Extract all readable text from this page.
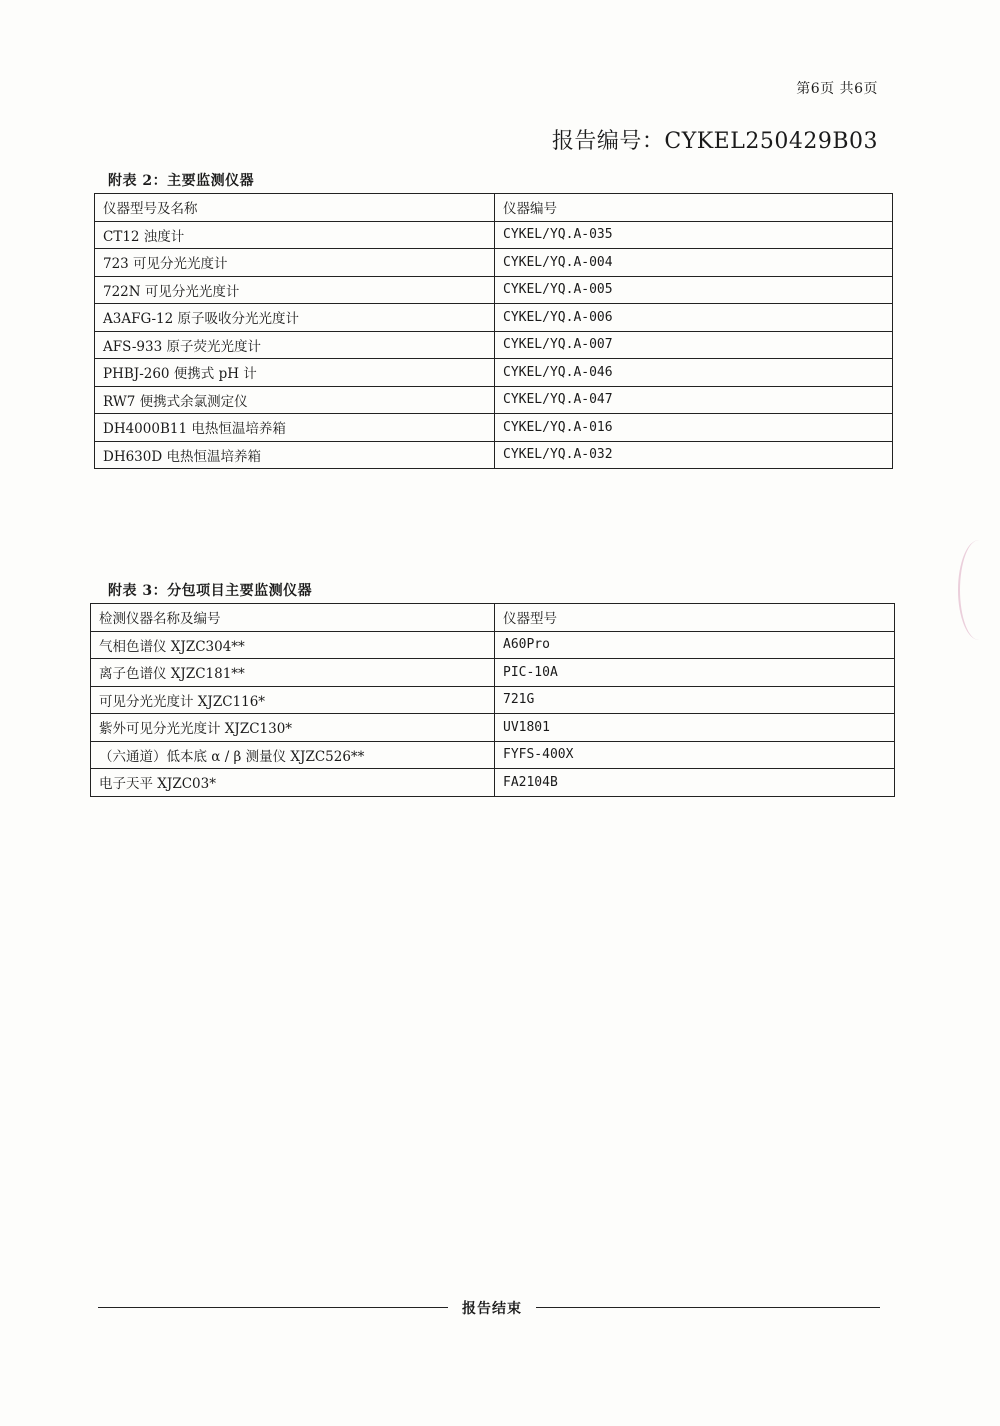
第6页 共6页
报告编号：CYKEL250429B03
附表 2：主要监测仪器
仪器型号及名称	仪器编号
CT12 浊度计	CYKEL/YQ.A-035
723 可见分光光度计	CYKEL/YQ.A-004
722N 可见分光光度计	CYKEL/YQ.A-005
A3AFG-12 原子吸收分光光度计	CYKEL/YQ.A-006
AFS-933 原子荧光光度计	CYKEL/YQ.A-007
PHBJ-260 便携式 pH 计	CYKEL/YQ.A-046
RW7 便携式余氯测定仪	CYKEL/YQ.A-047
DH4000B11 电热恒温培养箱	CYKEL/YQ.A-016
DH630D 电热恒温培养箱	CYKEL/YQ.A-032
附表 3：分包项目主要监测仪器
检测仪器名称及编号	仪器型号
气相色谱仪 XJZC304**	A60Pro
离子色谱仪 XJZC181**	PIC-10A
可见分光光度计 XJZC116*	721G
紫外可见分光光度计 XJZC130*	UV1801
（六通道）低本底 α / β 测量仪 XJZC526**	FYFS-400X
电子天平 XJZC03*	FA2104B
报告结束
